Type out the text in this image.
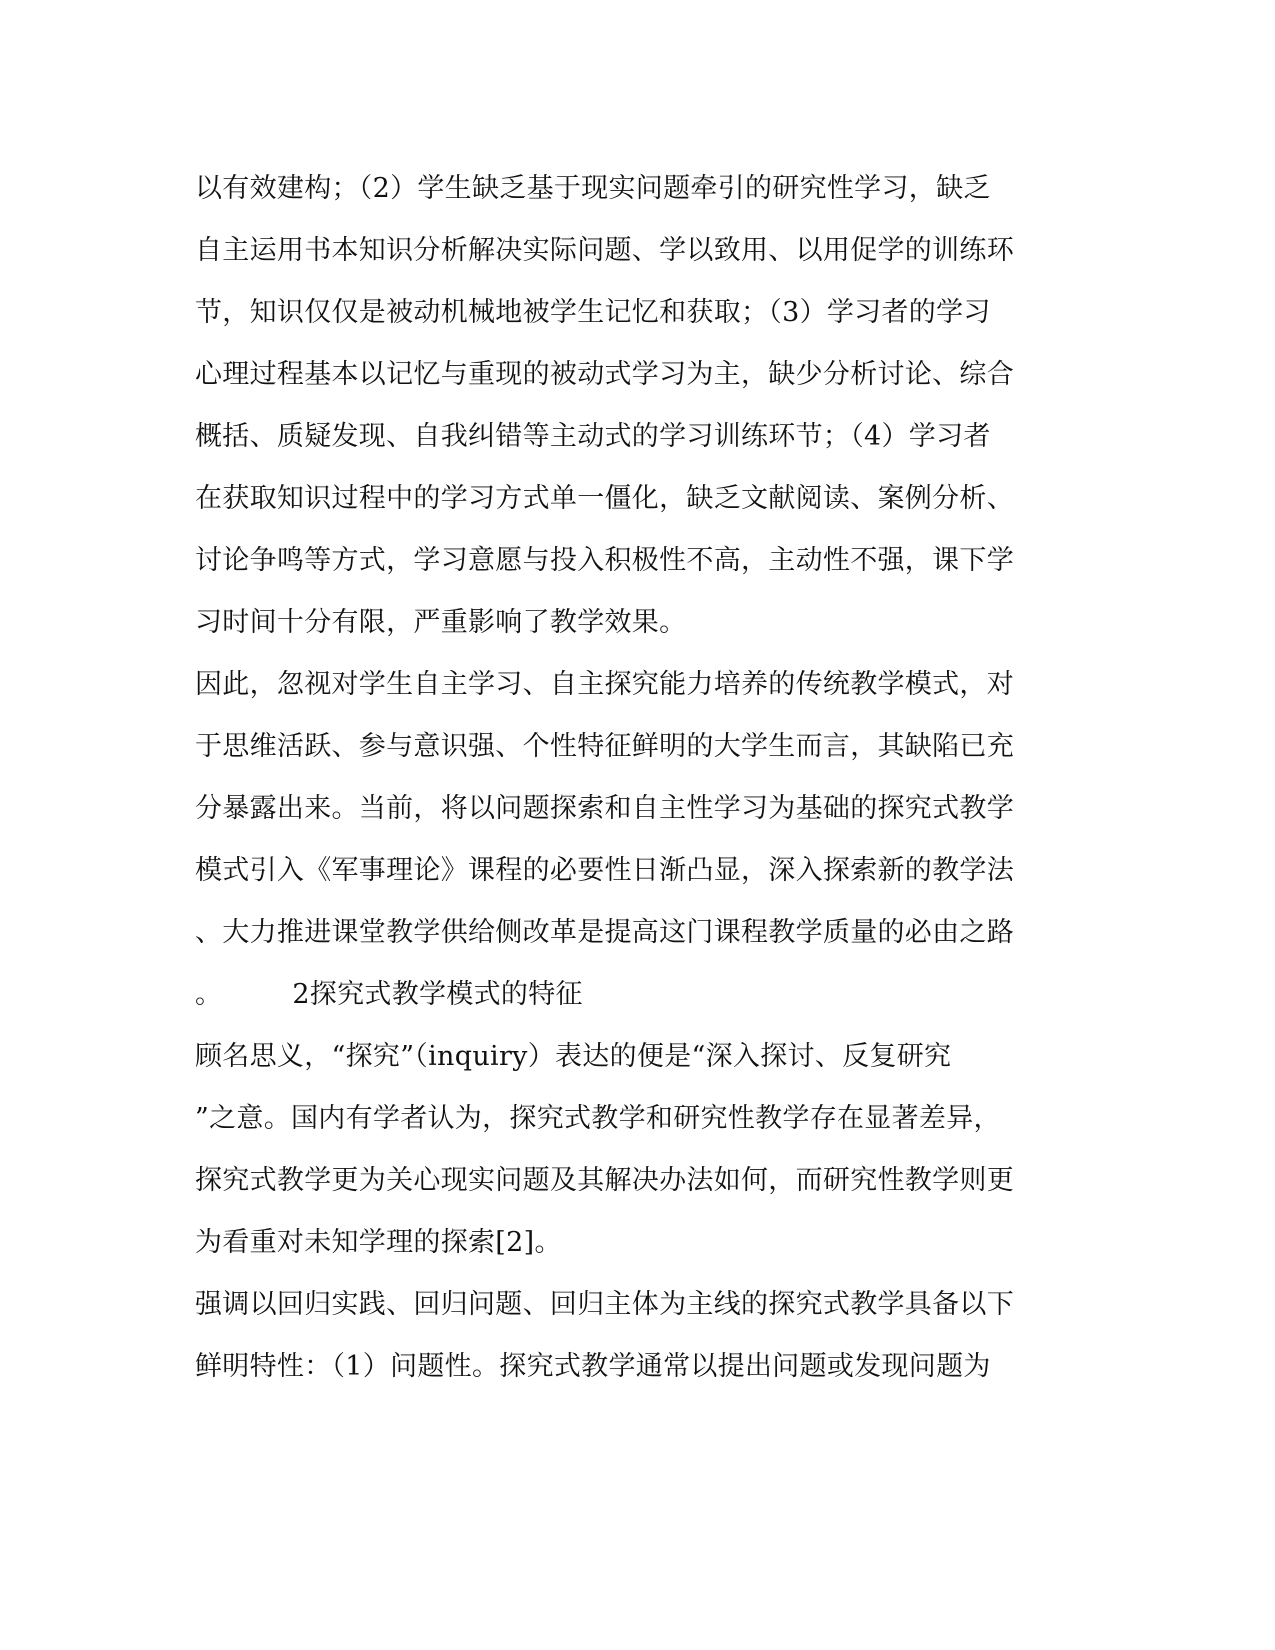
以有效建构；（2）学生缺乏基于现实问题牵引的研究性学习，缺乏
自主运用书本知识分析解决实际问题、学以致用、以用促学的训练环
节，知识仅仅是被动机械地被学生记忆和获取；（3）学习者的学习
心理过程基本以记忆与重现的被动式学习为主，缺少分析讨论、综合
概括、质疑发现、自我纠错等主动式的学习训练环节；（4）学习者
在获取知识过程中的学习方式单一僵化，缺乏文献阅读、案例分析、
讨论争鸣等方式，学习意愿与投入积极性不高，主动性不强，课下学
习时间十分有限，严重影响了教学效果。
因此，忽视对学生自主学习、自主探究能力培养的传统教学模式，对
于思维活跃、参与意识强、个性特征鲜明的大学生而言，其缺陷已充
分暴露出来。当前，将以问题探索和自主性学习为基础的探究式教学
模式引入《军事理论》课程的必要性日渐凸显，深入探索新的教学法
、大力推进课堂教学供给侧改革是提高这门课程教学质量的必由之路
。	2探究式教学模式的特征
顾名思义，“探究”（inquiry）表达的便是“深入探讨、反复研究
”之意。国内有学者认为，探究式教学和研究性教学存在显著差异，
探究式教学更为关心现实问题及其解决办法如何，而研究性教学则更
为看重对未知学理的探索[2]。
强调以回归实践、回归问题、回归主体为主线的探究式教学具备以下
鲜明特性：（1）问题性。探究式教学通常以提出问题或发现问题为
